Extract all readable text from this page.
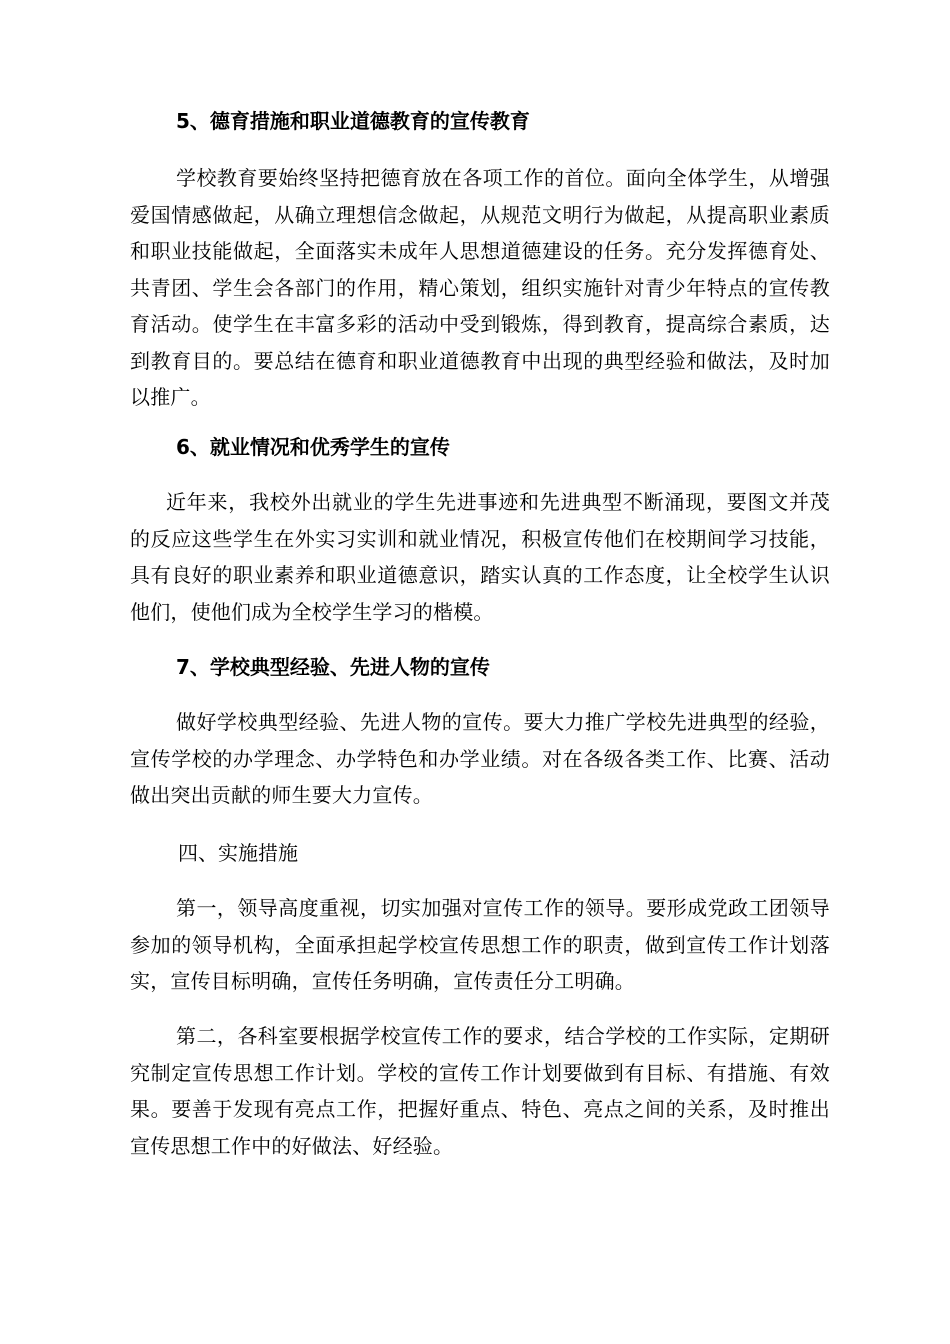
5、德育措施和职业道德教育的宣传教育

学校教育要始终坚持把德育放在各项工作的首位。面向全体学生，从增强爱国情感做起，从确立理想信念做起，从规范文明行为做起，从提高职业素质和职业技能做起，全面落实未成年人思想道德建设的任务。充分发挥德育处、共青团、学生会各部门的作用，精心策划，组织实施针对青少年特点的宣传教育活动。使学生在丰富多彩的活动中受到锻炼，得到教育，提高综合素质，达到教育目的。要总结在德育和职业道德教育中出现的典型经验和做法，及时加以推广。

6、就业情况和优秀学生的宣传

近年来，我校外出就业的学生先进事迹和先进典型不断涌现，要图文并茂的反应这些学生在外实习实训和就业情况，积极宣传他们在校期间学习技能，具有良好的职业素养和职业道德意识，踏实认真的工作态度，让全校学生认识他们，使他们成为全校学生学习的楷模。

7、学校典型经验、先进人物的宣传

做好学校典型经验、先进人物的宣传。要大力推广学校先进典型的经验，宣传学校的办学理念、办学特色和办学业绩。对在各级各类工作、比赛、活动做出突出贡献的师生要大力宣传。

四、实施措施

第一，领导高度重视，切实加强对宣传工作的领导。要形成党政工团领导参加的领导机构，全面承担起学校宣传思想工作的职责，做到宣传工作计划落实，宣传目标明确，宣传任务明确，宣传责任分工明确。

第二，各科室要根据学校宣传工作的要求，结合学校的工作实际，定期研究制定宣传思想工作计划。学校的宣传工作计划要做到有目标、有措施、有效果。要善于发现有亮点工作，把握好重点、特色、亮点之间的关系，及时推出宣传思想工作中的好做法、好经验。
